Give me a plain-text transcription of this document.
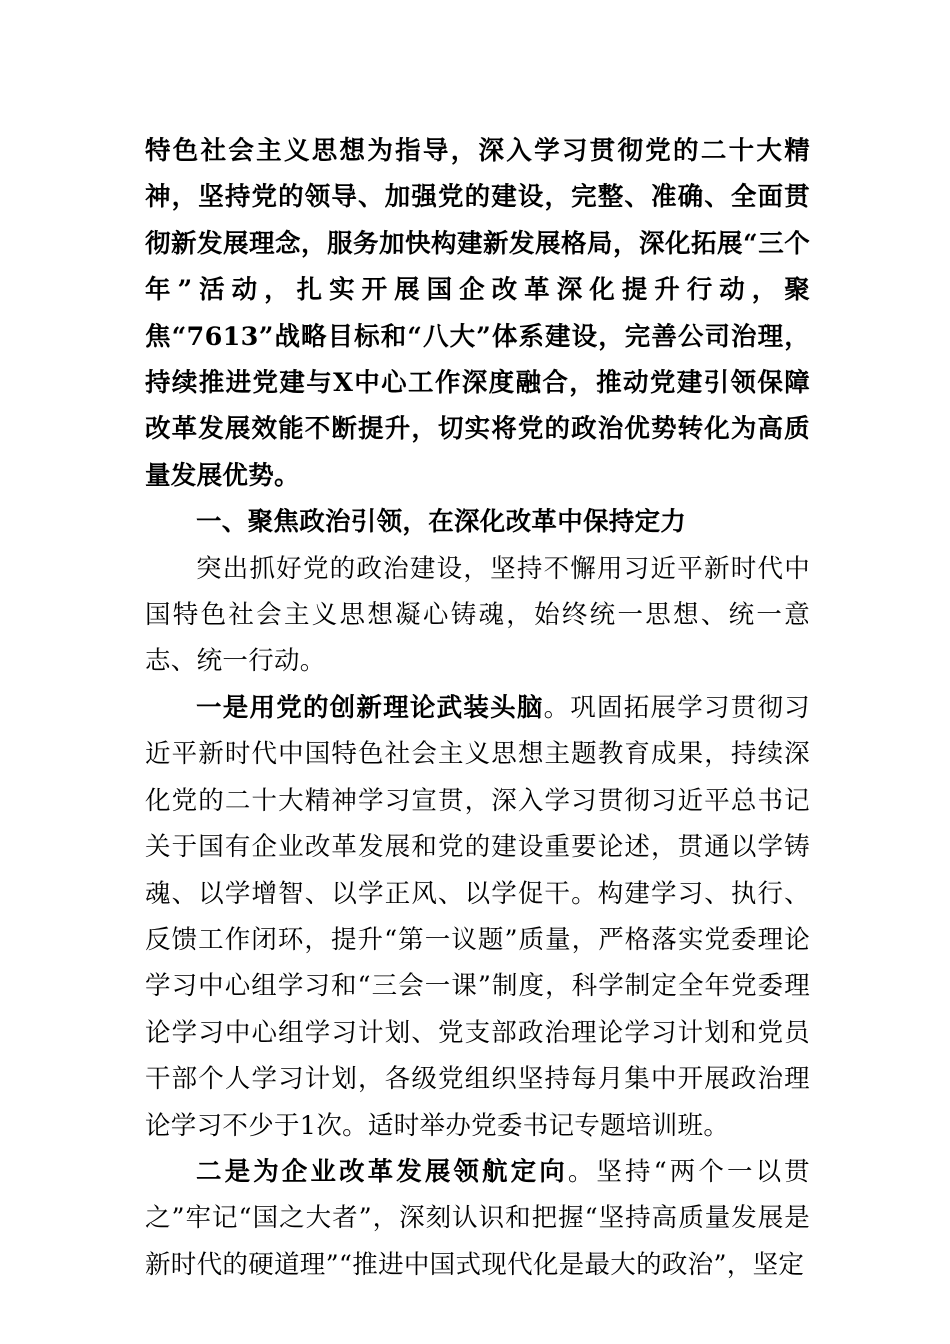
特色社会主义思想为指导，深入学习贯彻党的二十大精神，坚持党的领导、加强党的建设，完整、准确、全面贯彻新发展理念，服务加快构建新发展格局，深化拓展“三个年”活动，扎实开展国企改革深化提升行动，聚焦“7613”战略目标和“八大”体系建设，完善公司治理，持续推进党建与X中心工作深度融合，推动党建引领保障改革发展效能不断提升，切实将党的政治优势转化为高质量发展优势。

一、聚焦政治引领，在深化改革中保持定力

突出抓好党的政治建设，坚持不懈用习近平新时代中国特色社会主义思想凝心铸魂，始终统一思想、统一意志、统一行动。

一是用党的创新理论武装头脑。巩固拓展学习贯彻习近平新时代中国特色社会主义思想主题教育成果，持续深化党的二十大精神学习宣贯，深入学习贯彻习近平总书记关于国有企业改革发展和党的建设重要论述，贯通以学铸魂、以学增智、以学正风、以学促干。构建学习、执行、反馈工作闭环，提升“第一议题”质量，严格落实党委理论学习中心组学习和“三会一课”制度，科学制定全年党委理论学习中心组学习计划、党支部政治理论学习计划和党员干部个人学习计划，各级党组织坚持每月集中开展政治理论学习不少于1次。适时举办党委书记专题培训班。

二是为企业改革发展领航定向。坚持“两个一以贯之”牢记“国之大者”，深刻认识和把握“坚持高质量发展是新时代的硬道理”“推进中国式现代化是最大的政治”，坚定
